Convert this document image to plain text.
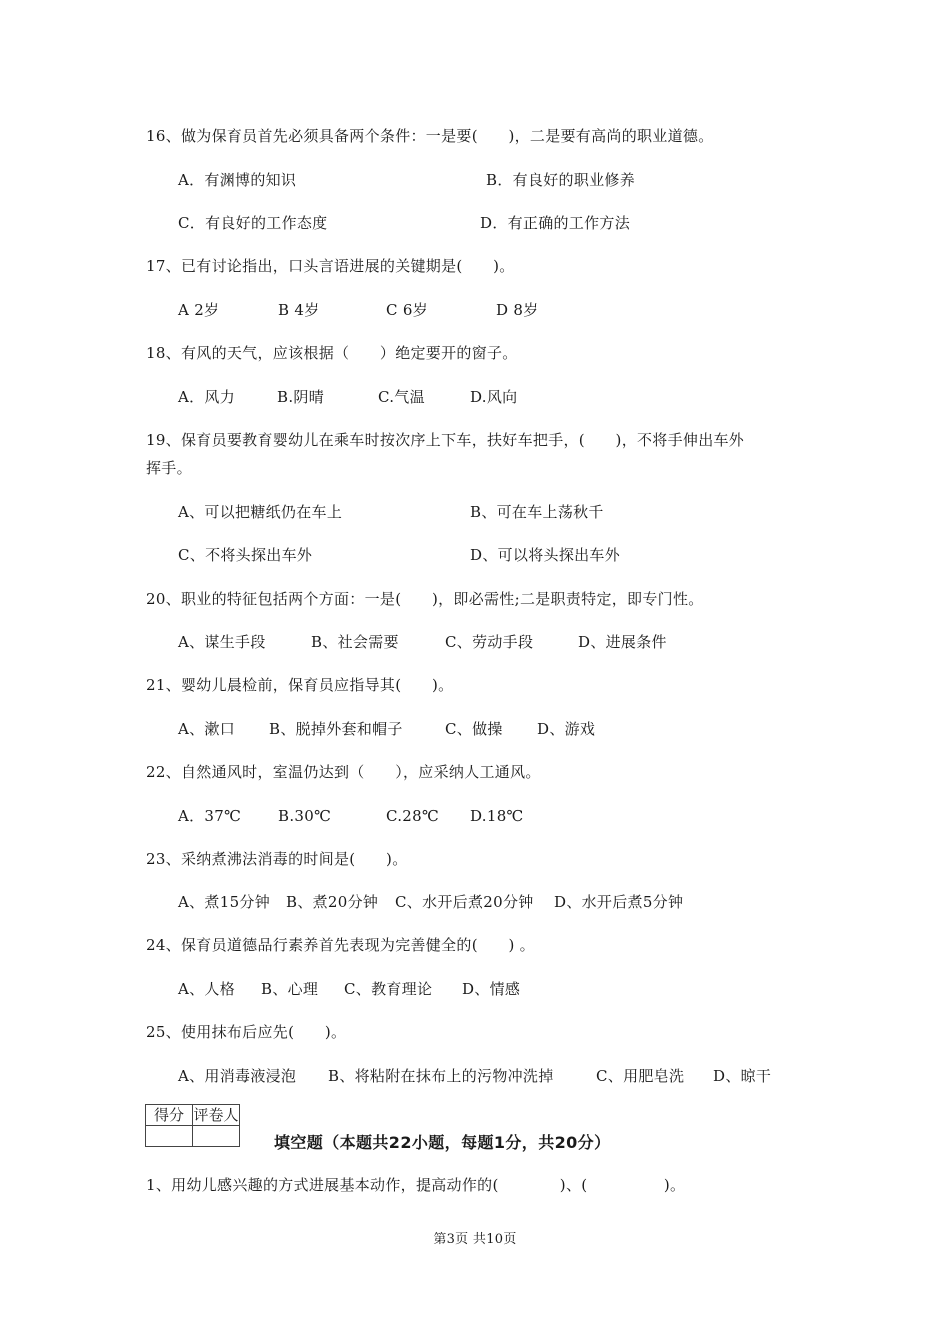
16、做为保育员首先必须具备两个条件：一是要(　　)，二是要有高尚的职业道德。
A．有渊博的知识	B．有良好的职业修养
C．有良好的工作态度	D．有正确的工作方法
17、已有讨论指出，口头言语进展的关键期是(　　)。
A 2岁	B 4岁	C 6岁	D 8岁
18、有风的天气，应该根据（　　）绝定要开的窗子。
A．风力	B.阴晴	C.气温	D.风向
19、保育员要教育婴幼儿在乘车时按次序上下车，扶好车把手，(　　)，不将手伸出车外
挥手。
A、可以把糖纸仍在车上	B、可在车上荡秋千
C、不将头探出车外	D、可以将头探出车外
20、职业的特征包括两个方面：一是(　　)，即必需性;二是职责特定，即专门性。
A、谋生手段	B、社会需要	C、劳动手段	D、进展条件
21、婴幼儿晨检前，保育员应指导其(　　)。
A、漱口 B、脱掉外套和帽子	C、做操 D、游戏
22、自然通风时，室温仍达到（　　），应采纳人工通风。
A．37℃ B.30℃	C.28℃ D.18℃
23、采纳煮沸法消毒的时间是(　　)。
A、煮15分钟 B、煮20分钟 C、水开后煮20分钟 D、水开后煮5分钟
24、保育员道德品行素养首先表现为完善健全的(　　) 。
A、人格 B、心理 C、教育理论 D、情感
25、使用抹布后应先(　　)。
A、用消毒液浸泡 B、将粘附在抹布上的污物冲洗掉	C、用肥皂洗 D、晾干
得分	评卷人

填空题（本题共22小题，每题1分，共20分）
1、用幼儿感兴趣的方式进展基本动作，提高动作的(　　　　)、(　　　　　)。
第3页 共10页
